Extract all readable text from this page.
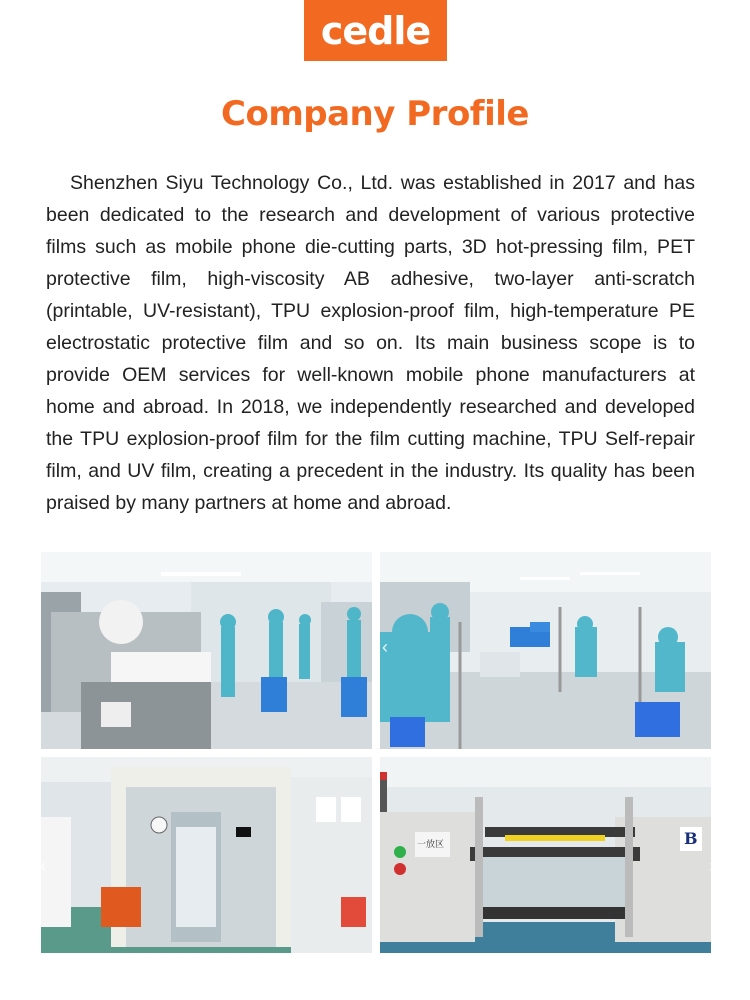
cedle
Company Profile

Shenzhen Siyu Technology Co., Ltd. was established in 2017 and has been dedicated to the research and development of various protective films such as mobile phone die-cutting parts, 3D hot-pressing film, PET protective film, high-viscosity AB adhesive, two-layer anti-scratch (printable, UV-resistant), TPU explosion-proof film, high-temperature PE electrostatic protective film and so on. Its main business scope is to provide OEM services for well-known mobile phone manufacturers at home and abroad. In 2018, we independently researched and developed the TPU explosion-proof film for the film cutting machine, TPU Self-repair film, and UV film, creating a precedent in the industry. Its quality has been praised by many partners at home and abroad.

一放区	B
‹
‹	‹	›
